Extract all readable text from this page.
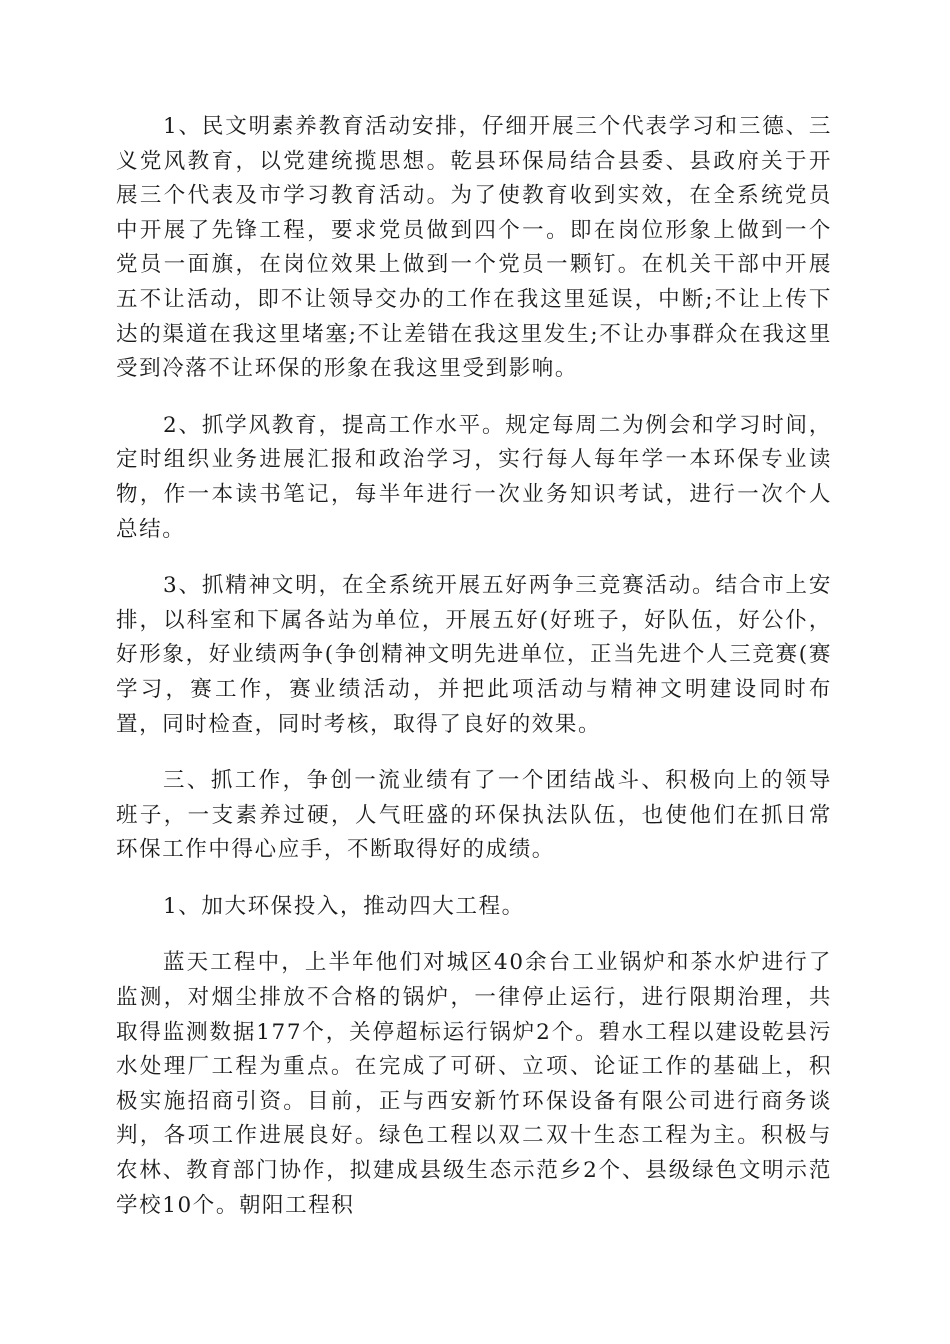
1、民文明素养教育活动安排，仔细开展三个代表学习和三德、三义党风教育，以党建统揽思想。乾县环保局结合县委、县政府关于开展三个代表及市学习教育活动。为了使教育收到实效，在全系统党员中开展了先锋工程，要求党员做到四个一。即在岗位形象上做到一个党员一面旗，在岗位效果上做到一个党员一颗钉。在机关干部中开展五不让活动，即不让领导交办的工作在我这里延误，中断;不让上传下达的渠道在我这里堵塞;不让差错在我这里发生;不让办事群众在我这里受到冷落不让环保的形象在我这里受到影响。

2、抓学风教育，提高工作水平。规定每周二为例会和学习时间，定时组织业务进展汇报和政治学习，实行每人每年学一本环保专业读物，作一本读书笔记，每半年进行一次业务知识考试，进行一次个人总结。

3、抓精神文明，在全系统开展五好两争三竞赛活动。结合市上安排，以科室和下属各站为单位，开展五好(好班子，好队伍，好公仆，好形象，好业绩两争(争创精神文明先进单位，正当先进个人三竞赛(赛学习，赛工作，赛业绩活动，并把此项活动与精神文明建设同时布置，同时检查，同时考核，取得了良好的效果。

三、抓工作，争创一流业绩有了一个团结战斗、积极向上的领导班子，一支素养过硬，人气旺盛的环保执法队伍，也使他们在抓日常环保工作中得心应手，不断取得好的成绩。

1、加大环保投入，推动四大工程。

蓝天工程中，上半年他们对城区40余台工业锅炉和茶水炉进行了监测，对烟尘排放不合格的锅炉，一律停止运行，进行限期治理，共取得监测数据177个，关停超标运行锅炉2个。碧水工程以建设乾县污水处理厂工程为重点。在完成了可研、立项、论证工作的基础上，积极实施招商引资。目前，正与西安新竹环保设备有限公司进行商务谈判，各项工作进展良好。绿色工程以双二双十生态工程为主。积极与农林、教育部门协作，拟建成县级生态示范乡2个、县级绿色文明示范学校10个。朝阳工程积
